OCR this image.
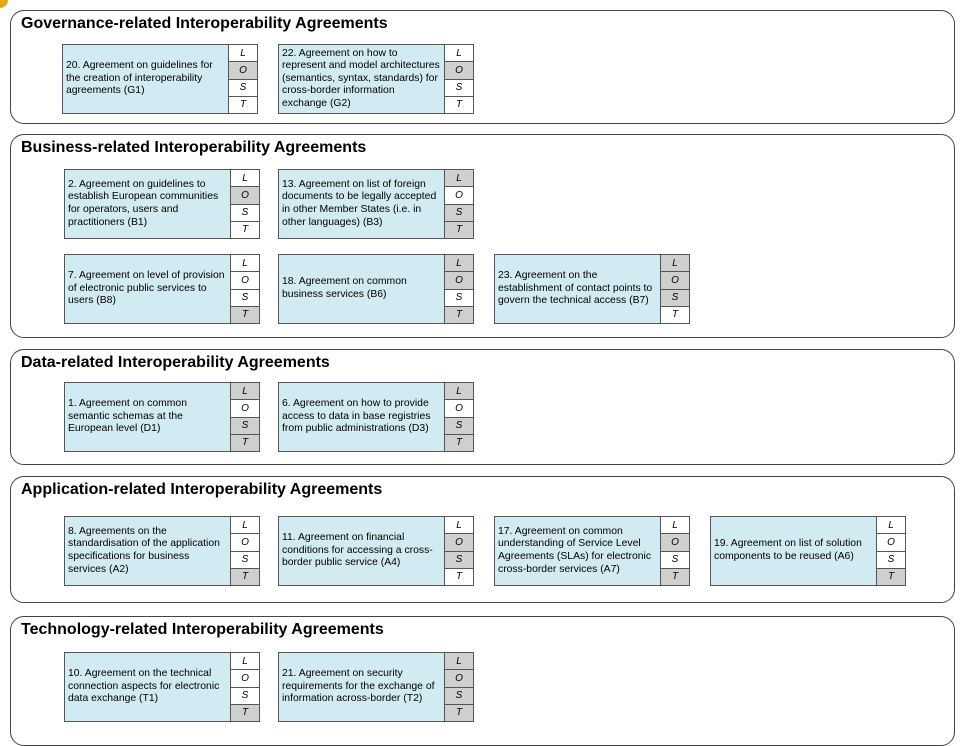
Governance-related Interoperability Agreements
20. Agreement on guidelines for the creation of interoperability agreements (G1)
L
O
S
T
22. Agreement on how to represent and model architectures (semantics, syntax, standards) for cross-border information exchange (G2)
L
O
S
T
Business-related Interoperability Agreements
2. Agreement on guidelines to establish European communities for operators, users and practitioners (B1)
L
O
S
T
13. Agreement on list of foreign documents to be legally accepted in other Member States (i.e. in other languages) (B3)
L
O
S
T
7. Agreement on level of provision of electronic public services to users (B8)
L
O
S
T
18. Agreement on common business services (B6)
L
O
S
T
23. Agreement on the establishment of contact points to govern the technical access (B7)
L
O
S
T
Data-related Interoperability Agreements
1. Agreement on common semantic schemas at the European level (D1)
L
O
S
T
6. Agreement on how to provide access to data in base registries from public administrations (D3)
L
O
S
T
Application-related Interoperability Agreements
8. Agreements on the standardisation of the application specifications for business services (A2)
L
O
S
T
11. Agreement on financial conditions for accessing a cross-border public service (A4)
L
O
S
T
17. Agreement on common understanding of Service Level Agreements (SLAs) for electronic cross-border services (A7)
L
O
S
T
19. Agreement on list of solution components to be reused (A6)
L
O
S
T
Technology-related Interoperability Agreements
10. Agreement on the technical connection aspects for electronic data exchange (T1)
L
O
S
T
21. Agreement on security requirements for the exchange of information across-border (T2)
L
O
S
T
